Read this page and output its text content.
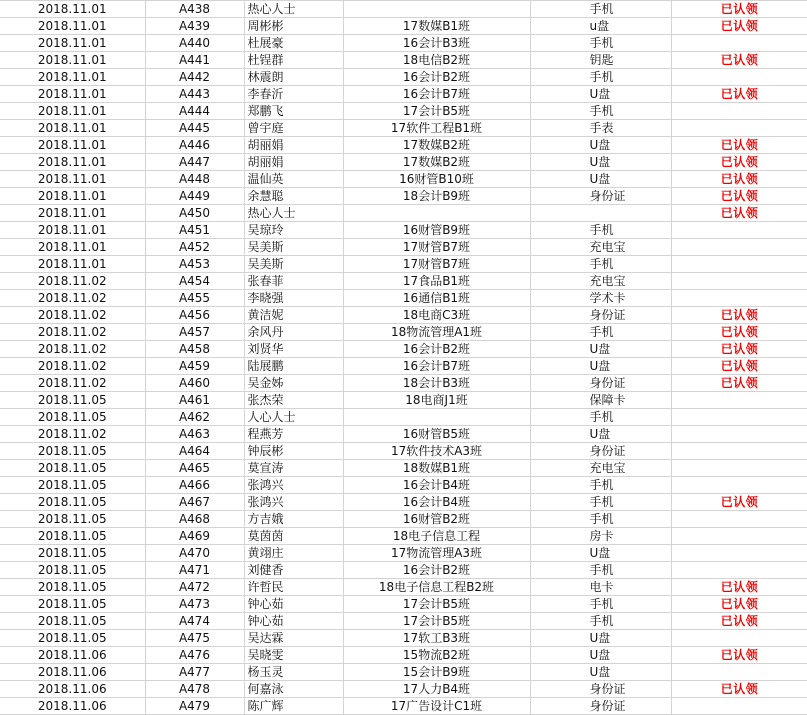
2018.11.01	A438	热心人士		手机	已认领
2018.11.01	A439	周彬彬	17数媒B1班	u盘	已认领
2018.11.01	A440	杜展豪	16会计B3班	手机	
2018.11.01	A441	杜锃群	18电信B2班	钥匙	已认领
2018.11.01	A442	林震朗	16会计B2班	手机	
2018.11.01	A443	李春沂	16会计B7班	U盘	已认领
2018.11.01	A444	郑鹏飞	17会计B5班	手机	
2018.11.01	A445	曾宇庭	17软件工程B1班	手表	
2018.11.01	A446	胡丽娟	17数媒B2班	U盘	已认领
2018.11.01	A447	胡丽娟	17数媒B2班	U盘	已认领
2018.11.01	A448	温仙英	16财管B10班	U盘	已认领
2018.11.01	A449	余慧聪	18会计B9班	身份证	已认领
2018.11.01	A450	热心人士			已认领
2018.11.01	A451	吴琼玲	16财管B9班	手机	
2018.11.01	A452	吴美斯	17财管B7班	充电宝	
2018.11.01	A453	吴美斯	17财管B7班	手机	
2018.11.02	A454	张春菲	17食品B1班	充电宝	
2018.11.02	A455	李晓强	16通信B1班	学术卡	
2018.11.02	A456	黄洁妮	18电商C3班	身份证	已认领
2018.11.02	A457	余风丹	18物流管理A1班	手机	已认领
2018.11.02	A458	刘贤华	16会计B2班	U盘	已认领
2018.11.02	A459	陆展鹏	16会计B7班	U盘	已认领
2018.11.02	A460	吴金姊	18会计B3班	身份证	已认领
2018.11.05	A461	张杰荣	18电商J1班	保障卡	
2018.11.05	A462	人心人士		手机	
2018.11.02	A463	程燕芳	16财管B5班	U盘	
2018.11.05	A464	钟辰彬	17软件技术A3班	身份证	
2018.11.05	A465	莫宣涛	18数媒B1班	充电宝	
2018.11.05	A466	张鸿兴	16会计B4班	手机	
2018.11.05	A467	张鸿兴	16会计B4班	手机	已认领
2018.11.05	A468	方吉娥	16财管B2班	手机	
2018.11.05	A469	莫茵茵	18电子信息工程	房卡	
2018.11.05	A470	黄翊庄	17物流管理A3班	U盘	
2018.11.05	A471	刘健香	16会计B2班	手机	
2018.11.05	A472	许哲民	18电子信息工程B2班	电卡	已认领
2018.11.05	A473	钟心茹	17会计B5班	手机	已认领
2018.11.05	A474	钟心茹	17会计B5班	手机	已认领
2018.11.05	A475	吴达霖	17软工B3班	U盘	
2018.11.06	A476	吴晓雯	15物流B2班	U盘	已认领
2018.11.06	A477	杨玉灵	15会计B9班	U盘	
2018.11.06	A478	何嘉泳	17人力B4班	身份证	已认领
2018.11.06	A479	陈广辉	17广告设计C1班	身份证	
